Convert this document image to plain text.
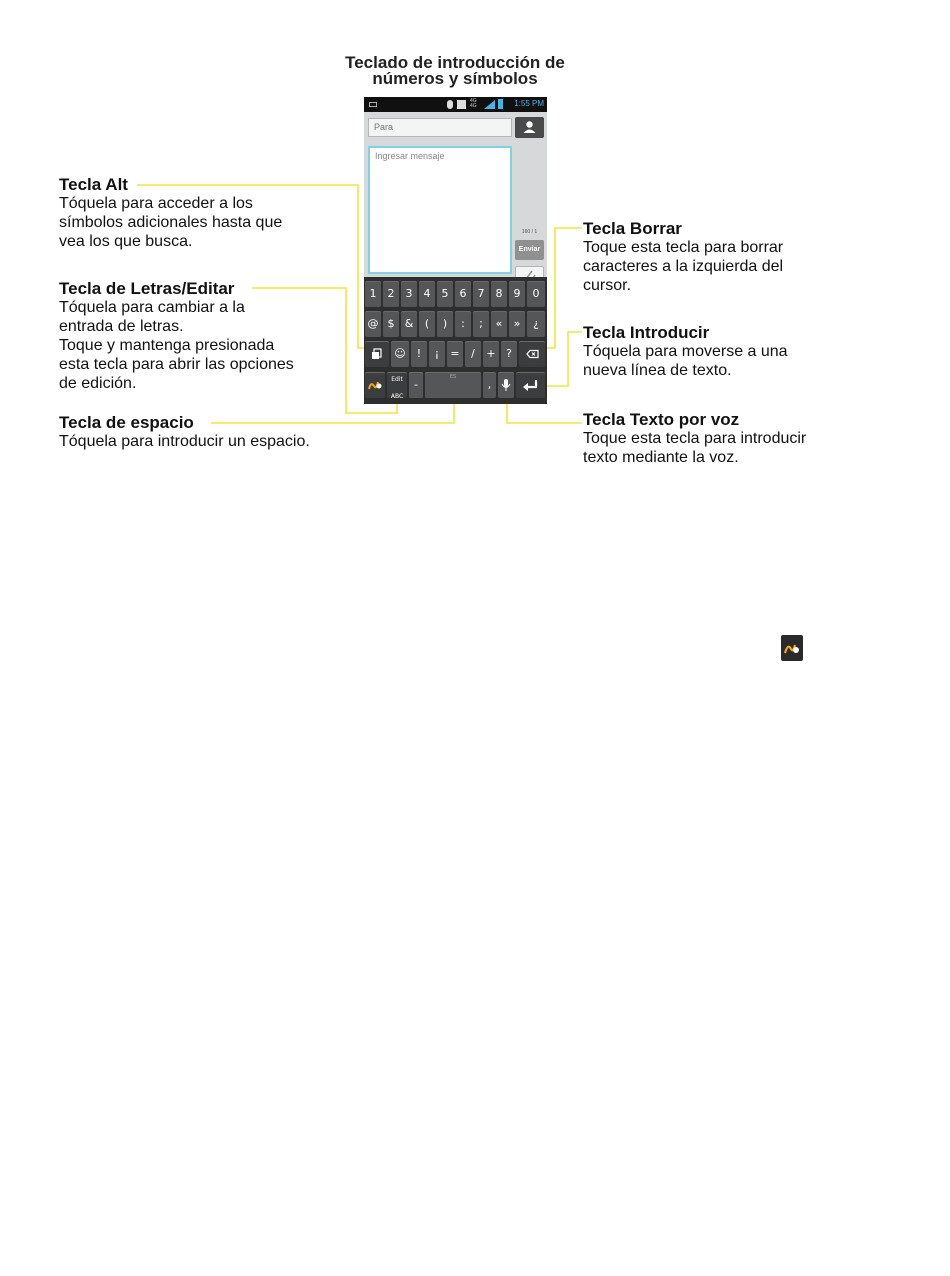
Teclado de introducción de
números y símbolos
Tecla Alt
Tóquela para acceder a los
símbolos adicionales hasta que
vea los que busca.
Tecla de Letras/Editar
Tóquela para cambiar a la
entrada de letras.
Toque y mantenga presionada
esta tecla para abrir las opciones
de edición.
Tecla de espacio
Tóquela para introducir un espacio.
Tecla Borrar
Toque esta tecla para borrar
caracteres a la izquierda del
cursor.
Tecla Introducir
Tóquela para moverse a una
nueva línea de texto.
Tecla Texto por voz
Toque esta tecla para introducir
texto mediante la voz.
4G
4G	1:55 PM
Para
Ingresar mensaje
160 / 1
Enviar
1	2	3	4	5	6	7	8	9	0
@ $ &	(	)	:	;	«	»	¿
☺	!	¡	=	/	+ ?
Edit
ABC
-
ES
,
